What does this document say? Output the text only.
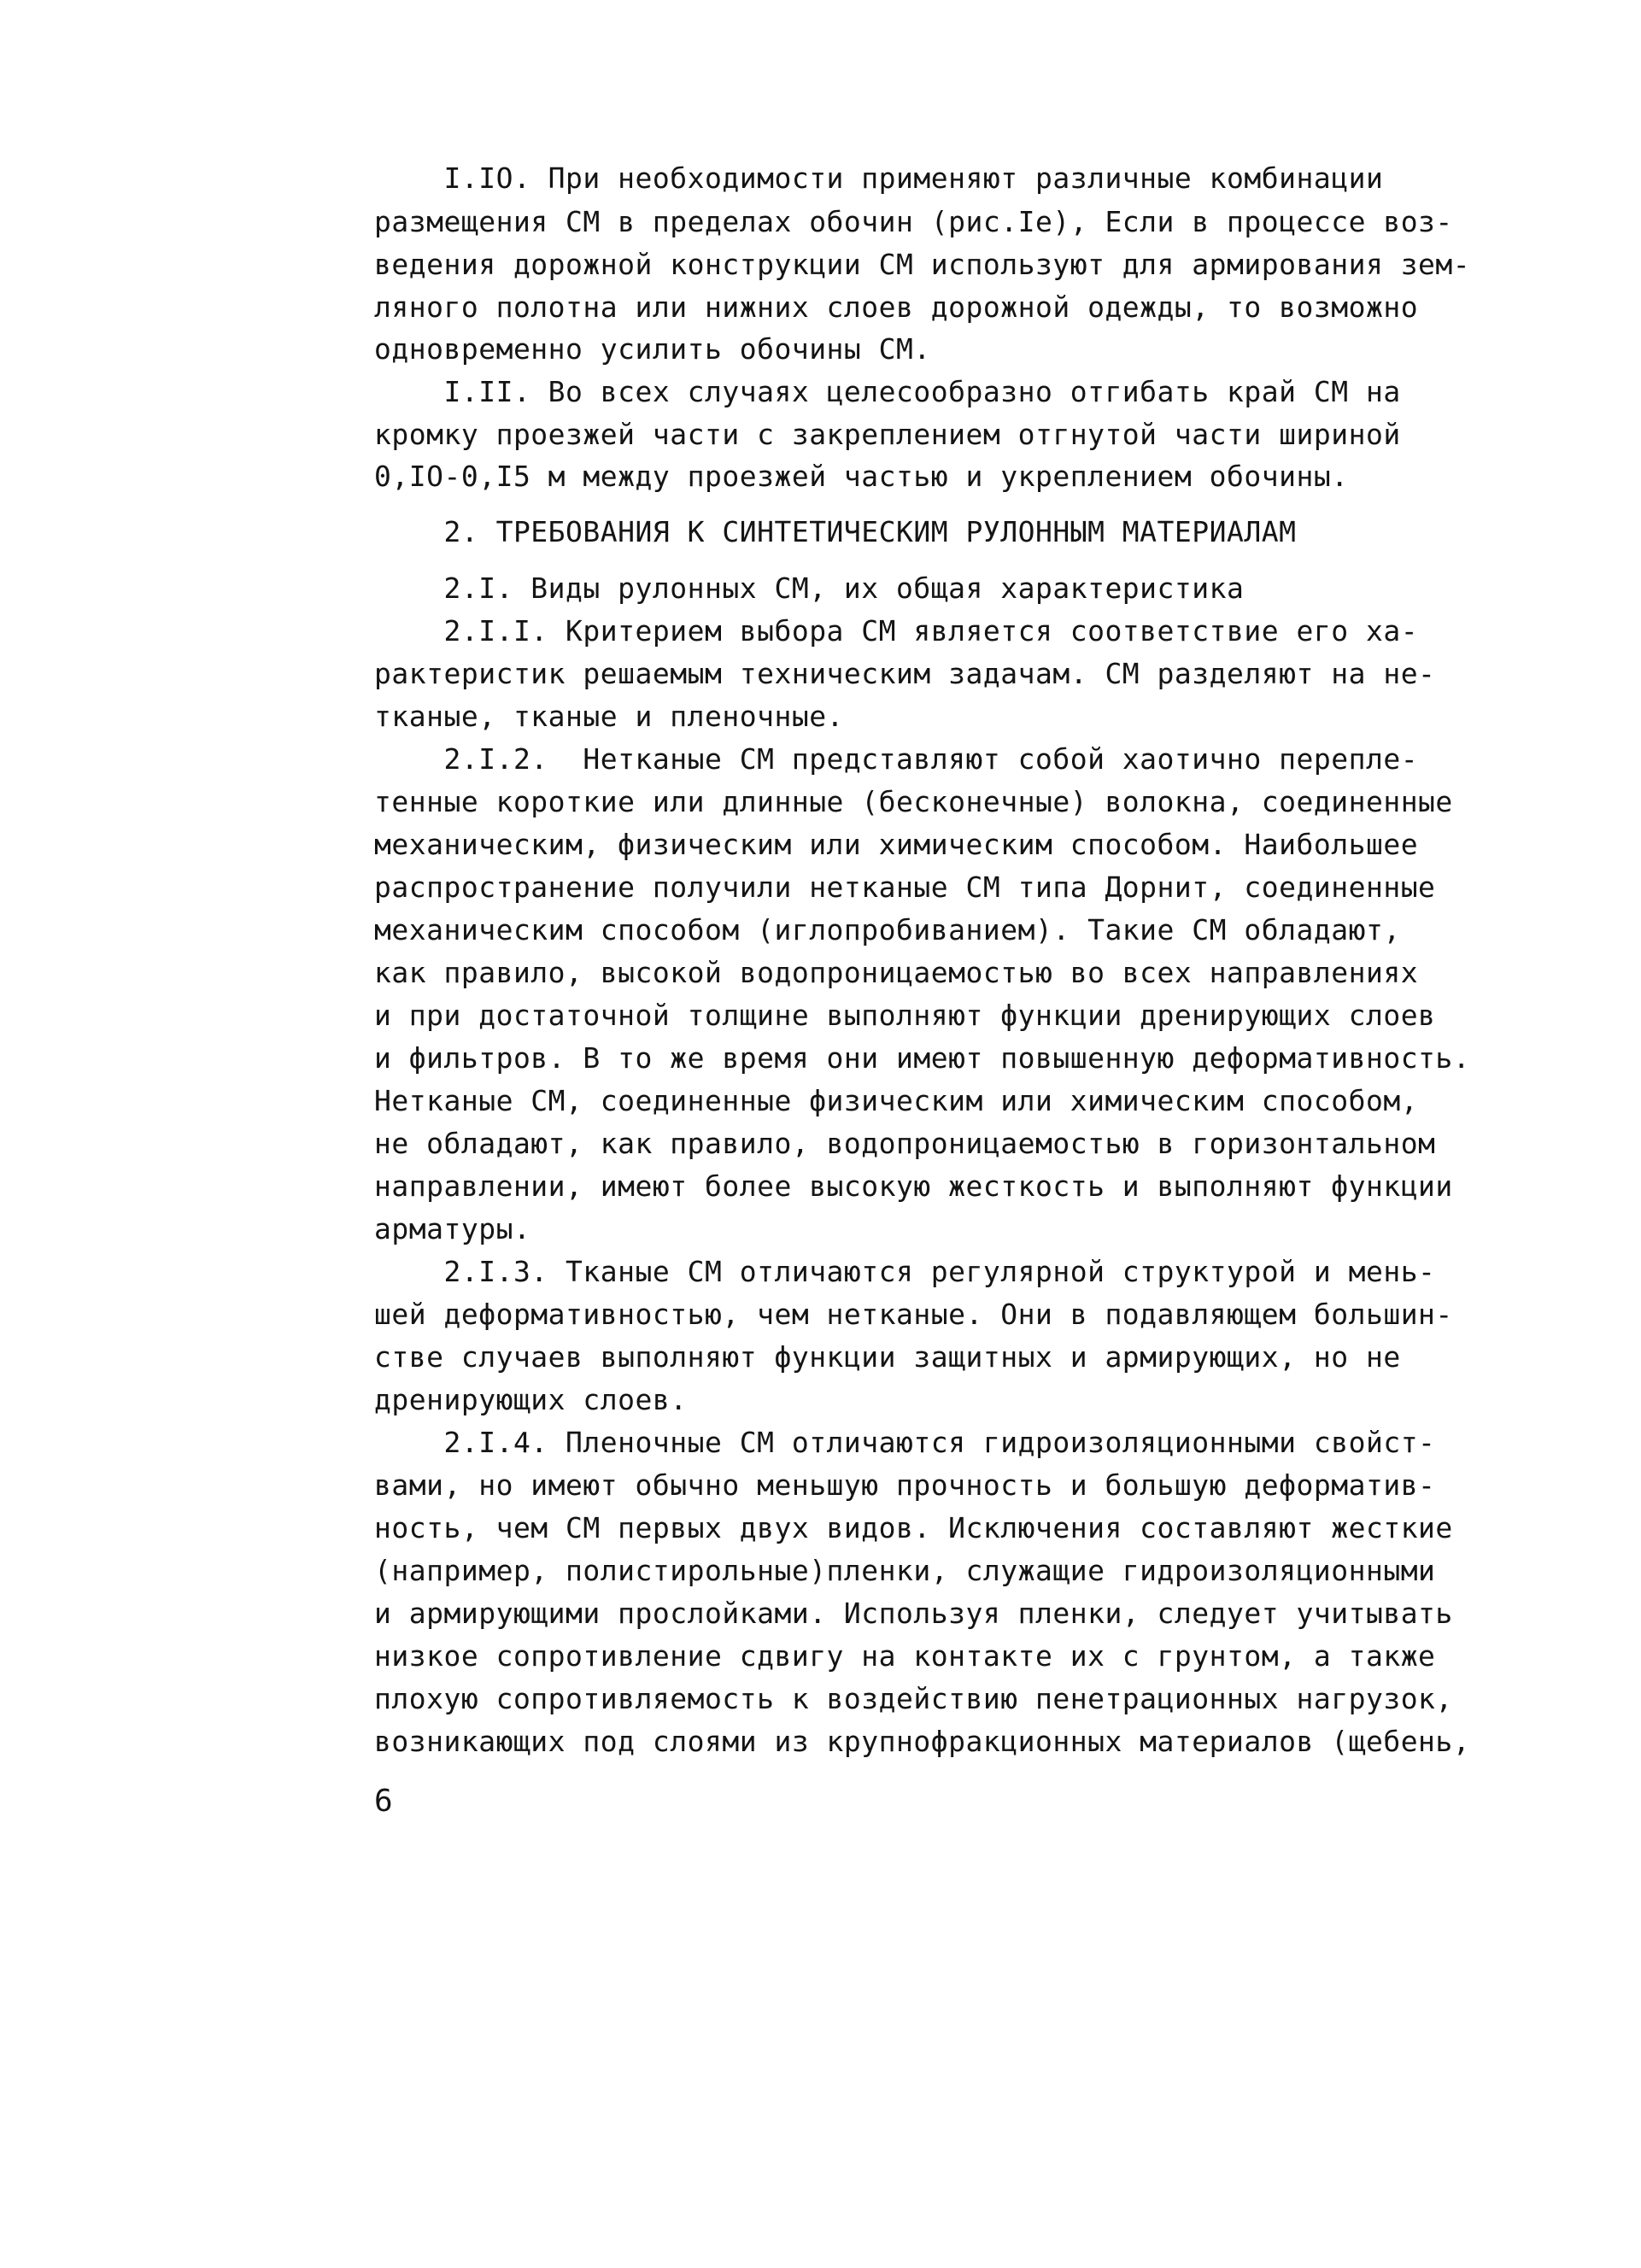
I.IO. При необходимости применяют различные комбинации
размещения СМ в пределах обочин (рис.Iе), Если в процессе воз-
ведения дорожной конструкции СМ используют для армирования зем-
ляного полотна или нижних слоев дорожной одежды, то возможно
одновременно усилить обочины СМ.
I.II. Во всех случаях целесообразно отгибать край СМ на
кромку проезжей части с закреплением отгнутой части шириной
0,IO-0,I5 м между проезжей частью и укреплением обочины.
2. ТРЕБОВАНИЯ К СИНТЕТИЧЕСКИМ РУЛОННЫМ МАТЕРИАЛАМ
2.I. Виды рулонных СМ, их общая характеристика
2.I.I. Критерием выбора СМ является соответствие его ха-
рактеристик решаемым техническим задачам. СМ разделяют на не-
тканые, тканые и пленочные.
2.I.2.  Нетканые СМ представляют собой хаотично перепле-
тенные короткие или длинные (бесконечные) волокна, соединенные
механическим, физическим или химическим способом. Наибольшее
распространение получили нетканые СМ типа Дорнит, соединенные
механическим способом (иглопробиванием). Такие СМ обладают,
как правило, высокой водопроницаемостью во всех направлениях
и при достаточной толщине выполняют функции дренирующих слоев
и фильтров. В то же время они имеют повышенную деформативность.
Нетканые СМ, соединенные физическим или химическим способом,
не обладают, как правило, водопроницаемостью в горизонтальном
направлении, имеют более высокую жесткость и выполняют функции
арматуры.
2.I.3. Тканые СМ отличаются регулярной структурой и мень-
шей деформативностью, чем нетканые. Они в подавляющем большин-
стве случаев выполняют функции защитных и армирующих, но не
дренирующих слоев.
2.I.4. Пленочные СМ отличаются гидроизоляционными свойст-
вами, но имеют обычно меньшую прочность и большую деформатив-
ность, чем СМ первых двух видов. Исключения составляют жесткие
(например, полистирольные)пленки, служащие гидроизоляционными
и армирующими прослойками. Используя пленки, следует учитывать
низкое сопротивление сдвигу на контакте их с грунтом, а также
плохую сопротивляемость к воздействию пенетрационных нагрузок,
возникающих под слоями из крупнофракционных материалов (щебень,
6
